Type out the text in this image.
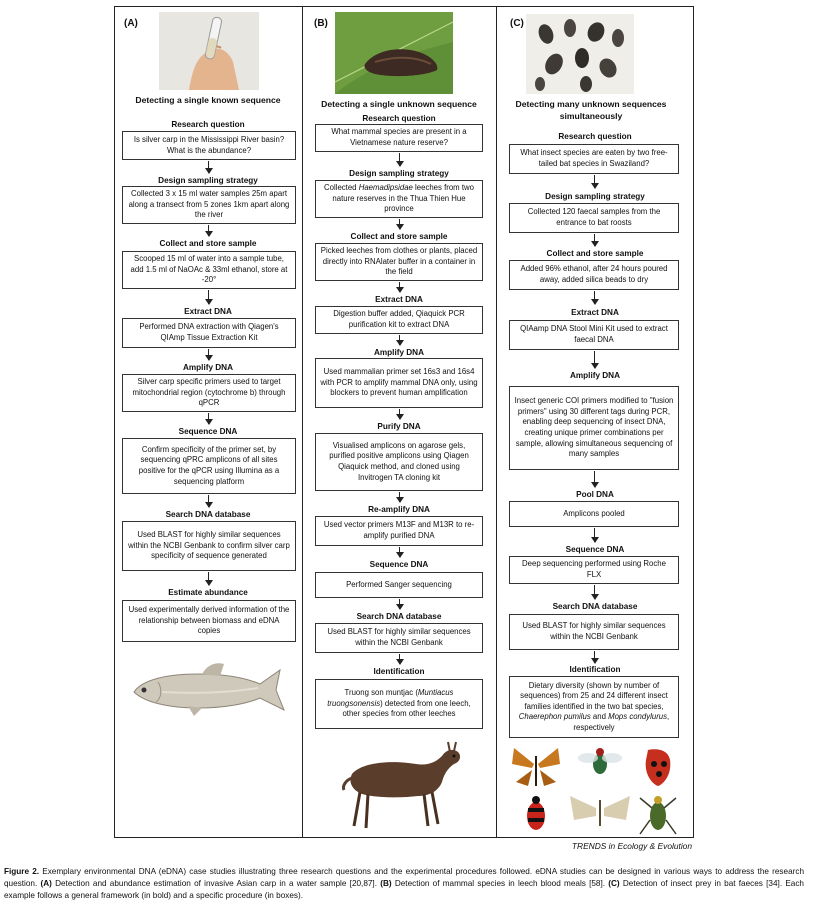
(A)
Detecting a single known sequence
Research question
Is silver carp in the Mississippi River basin? What is the abundance?
Design sampling strategy
Collected 3 x 15 ml water samples 25m apart along a transect from 5 zones 1km apart along the river
Collect and store sample
Scooped 15 ml of water into a sample tube, add 1.5 ml of NaOAc & 33ml ethanol, store at -20°
Extract DNA
Performed DNA extraction with Qiagen's QIAmp Tissue Extraction Kit
Amplify DNA
Silver carp specific primers used to target mitochondrial region (cytochrome b) through qPCR
Sequence DNA
Confirm specificity of the primer set, by sequencing qPRC amplicons of all sites positive for the qPCR using Illumina as a sequencing platform
Search DNA database
Used BLAST for highly similar sequences within the NCBI Genbank to confirm silver carp specificity of sequence generated
Estimate abundance
Used experimentally derived information of the relationship between biomass and eDNA copies
(B)
Detecting a single unknown sequence
Research question
What mammal species are present in a Vietnamese nature reserve?
Design sampling strategy
Collected Haemadipsidae leeches from two nature reserves in the Thua Thien Hue province
Collect and store sample
Picked leeches from clothes or plants, placed directly into RNAlater buffer in a container in the field
Extract DNA
Digestion buffer added, Qiaquick PCR purification kit to extract DNA
Amplify DNA
Used mammalian primer set 16s3 and 16s4 with PCR to amplify mammal DNA only, using blockers to prevent human amplification
Purify DNA
Visualised amplicons on agarose gels, purified positive amplicons using Qiagen Qiaquick method, and cloned using Invitrogen TA cloning kit
Re-amplify DNA
Used vector primers M13F and M13R to re-amplify purified DNA
Sequence DNA
Performed Sanger sequencing
Search DNA database
Used BLAST for highly similar sequences within the NCBI Genbank
Identification
Truong son muntjac (Muntiacus truongsonensis) detected from one leech, other species from other leeches
(C)
Detecting many unknown sequences simultaneously
Research question
What insect species are eaten by two free-tailed bat species in Swaziland?
Design sampling strategy
Collected 120 faecal samples from the entrance to bat roosts
Collect and store sample
Added 96% ethanol, after 24 hours poured away, added silica beads to dry
Extract DNA
QIAamp DNA Stool Mini Kit used to extract faecal DNA
Amplify DNA
Insect generic COI primers modified to "fusion primers" using 30 different tags during PCR, enabling deep sequencing of insect DNA, creating unique primer combinations per sample, allowing simultaneous sequencing of many samples
Pool DNA
Amplicons pooled
Sequence DNA
Deep sequencing performed using Roche FLX
Search DNA database
Used BLAST for highly similar sequences within the NCBI Genbank
Identification
Dietary diversity (shown by number of sequences) from 25 and 24 different insect families identified in the two bat species, Chaerephon pumilus and Mops condylurus, respectively
TRENDS in Ecology & Evolution
Figure 2. Exemplary environmental DNA (eDNA) case studies illustrating three research questions and the experimental procedures followed. eDNA studies can be designed in various ways to address the research question. (A) Detection and abundance estimation of invasive Asian carp in a water sample [20,87]. (B) Detection of mammal species in leech blood meals [58]. (C) Detection of insect prey in bat faeces [34]. Each example follows a general framework (in bold) and a specific procedure (in boxes).
